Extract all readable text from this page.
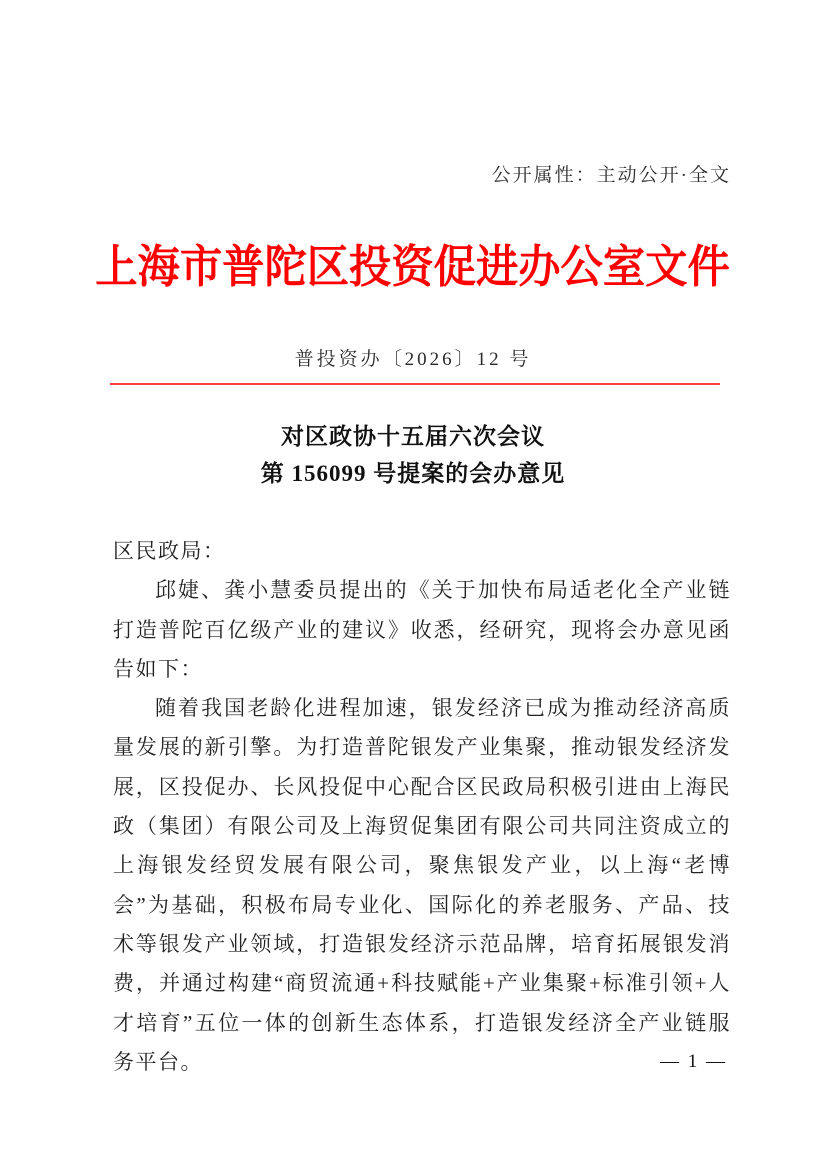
公开属性：主动公开·全文
上海市普陀区投资促进办公室文件
普投资办〔2026〕12 号
对区政协十五届六次会议
第 156099 号提案的会办意见

区民政局：

邱婕、龚小慧委员提出的《关于加快布局适老化全产业链 打造普陀百亿级产业的建议》收悉，经研究，现将会办意见函告如下：

随着我国老龄化进程加速，银发经济已成为推动经济高质量发展的新引擎。为打造普陀银发产业集聚，推动银发经济发展，区投促办、长风投促中心配合区民政局积极引进由上海民政（集团）有限公司及上海贸促集团有限公司共同注资成立的上海银发经贸发展有限公司，聚焦银发产业，以上海“老博会”为基础，积极布局专业化、国际化的养老服务、产品、技术等银发产业领域，打造银发经济示范品牌，培育拓展银发消费，并通过构建“商贸流通+科技赋能+产业集聚+标准引领+人才培育”五位一体的创新生态体系，打造银发经济全产业链服务平台。	— 1 —
